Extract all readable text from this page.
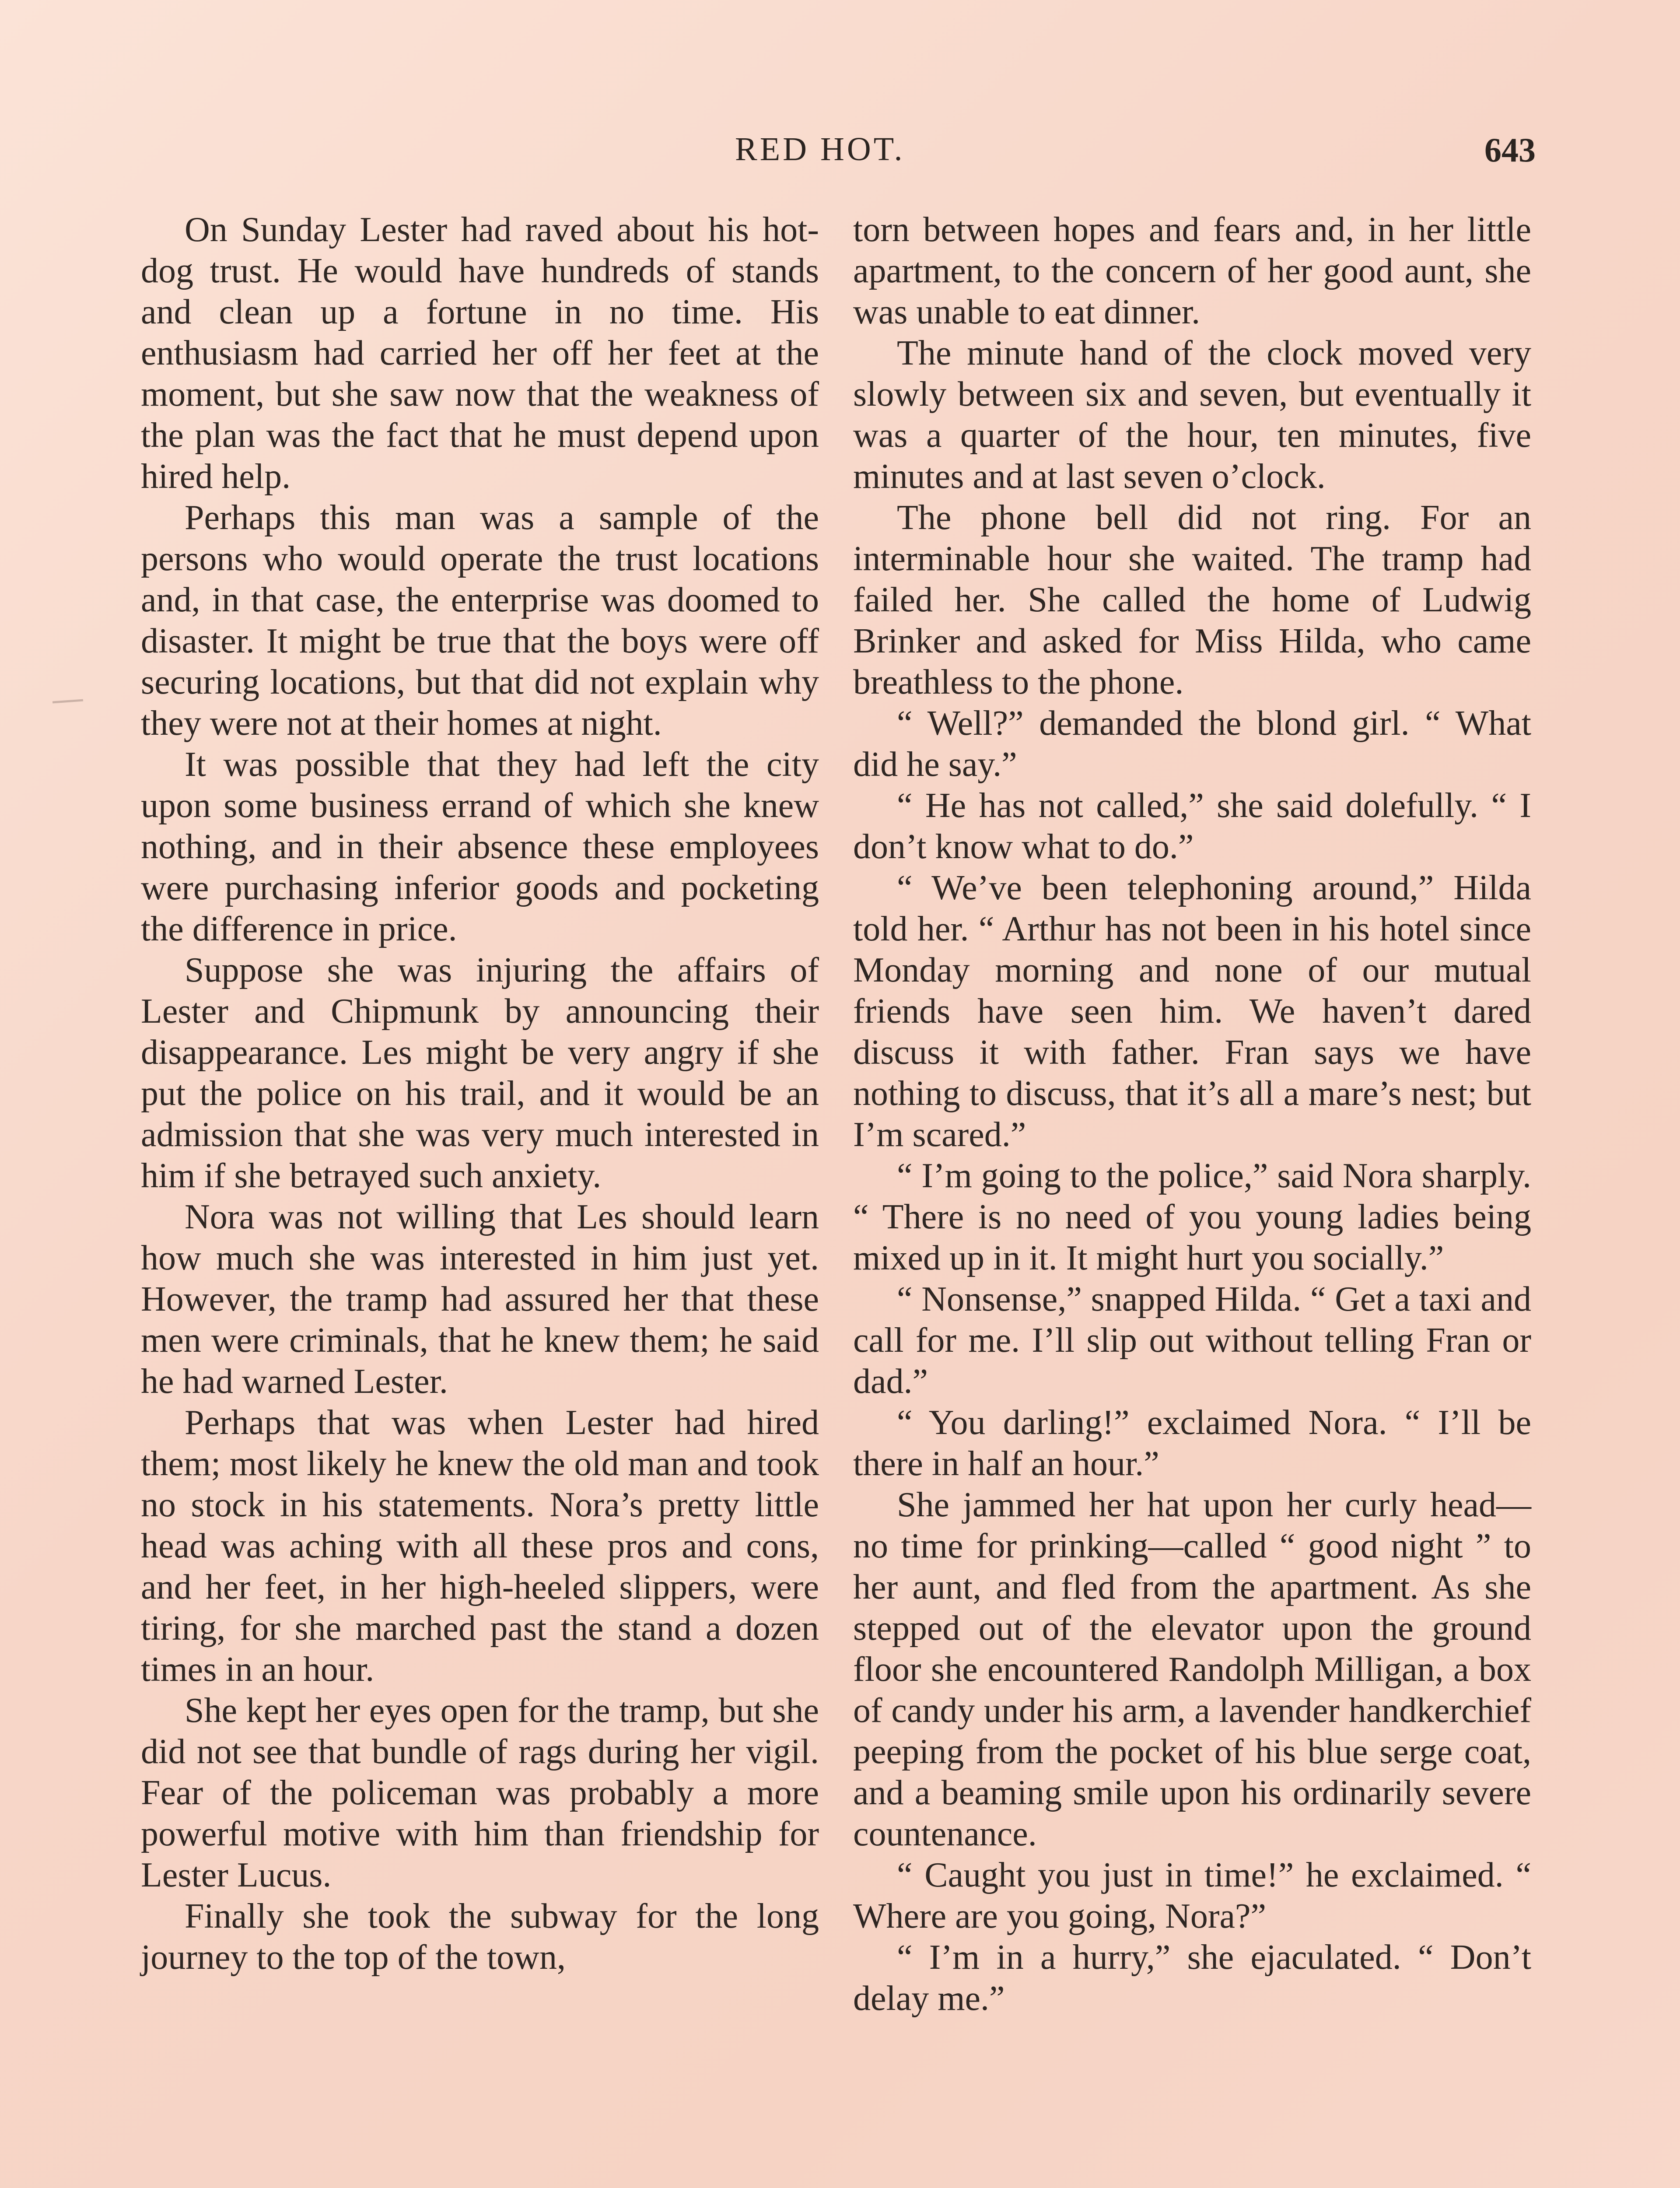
RED HOT.	643

On Sunday Lester had raved about his hot-dog trust. He would have hundreds of stands and clean up a fortune in no time. His enthusiasm had carried her off her feet at the moment, but she saw now that the weakness of the plan was the fact that he must depend upon hired help.

Perhaps this man was a sample of the persons who would operate the trust locations and, in that case, the enterprise was doomed to disaster. It might be true that the boys were off securing locations, but that did not explain why they were not at their homes at night.

It was possible that they had left the city upon some business errand of which she knew nothing, and in their absence these employees were purchasing inferior goods and pocketing the difference in price.

Suppose she was injuring the affairs of Lester and Chipmunk by announcing their disappearance. Les might be very angry if she put the police on his trail, and it would be an admission that she was very much interested in him if she betrayed such anxiety.

Nora was not willing that Les should learn how much she was interested in him just yet. However, the tramp had assured her that these men were criminals, that he knew them; he said he had warned Lester.

Perhaps that was when Lester had hired them; most likely he knew the old man and took no stock in his statements. Nora’s pretty little head was aching with all these pros and cons, and her feet, in her high-heeled slippers, were tiring, for she marched past the stand a dozen times in an hour.

She kept her eyes open for the tramp, but she did not see that bundle of rags during her vigil. Fear of the policeman was probably a more powerful motive with him than friendship for Lester Lucus.

Finally she took the subway for the long journey to the top of the town,

torn between hopes and fears and, in her little apartment, to the concern of her good aunt, she was unable to eat dinner.

The minute hand of the clock moved very slowly between six and seven, but eventually it was a quarter of the hour, ten minutes, five minutes and at last seven o’clock.

The phone bell did not ring. For an interminable hour she waited. The tramp had failed her. She called the home of Ludwig Brinker and asked for Miss Hilda, who came breathless to the phone.

“ Well?” demanded the blond girl. “ What did he say.”

“ He has not called,” she said dolefully. “ I don’t know what to do.”

“ We’ve been telephoning around,” Hilda told her. “ Arthur has not been in his hotel since Monday morning and none of our mutual friends have seen him. We haven’t dared discuss it with father. Fran says we have nothing to discuss, that it’s all a mare’s nest; but I’m scared.”

“ I’m going to the police,” said Nora sharply. “ There is no need of you young ladies being mixed up in it. It might hurt you socially.”

“ Nonsense,” snapped Hilda. “ Get a taxi and call for me. I’ll slip out without telling Fran or dad.”

“ You darling!” exclaimed Nora. “ I’ll be there in half an hour.”

She jammed her hat upon her curly head—no time for prinking—called “ good night ” to her aunt, and fled from the apartment. As she stepped out of the elevator upon the ground floor she encountered Randolph Milligan, a box of candy under his arm, a lavender handkerchief peeping from the pocket of his blue serge coat, and a beaming smile upon his ordinarily severe countenance.

“ Caught you just in time!” he exclaimed. “ Where are you going, Nora?”

“ I’m in a hurry,” she ejaculated. “ Don’t delay me.”
